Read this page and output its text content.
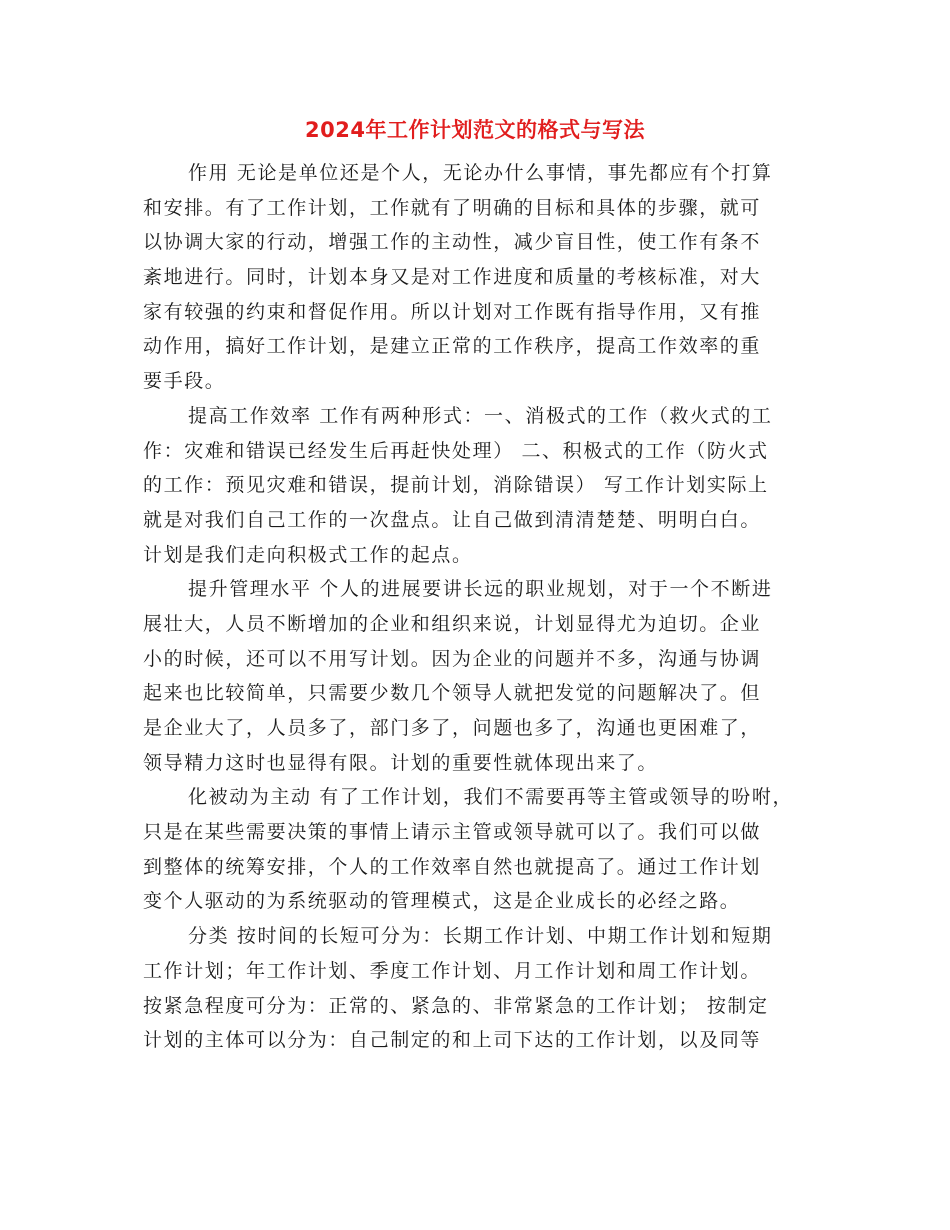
2024年工作计划范文的格式与写法
作用 无论是单位还是个人，无论办什么事情，事先都应有个打算
和安排。有了工作计划，工作就有了明确的目标和具体的步骤，就可
以协调大家的行动，增强工作的主动性，减少盲目性，使工作有条不
紊地进行。同时，计划本身又是对工作进度和质量的考核标准，对大
家有较强的约束和督促作用。所以计划对工作既有指导作用，又有推
动作用，搞好工作计划，是建立正常的工作秩序，提高工作效率的重
要手段。
提高工作效率 工作有两种形式：一、消极式的工作（救火式的工
作：灾难和错误已经发生后再赶快处理） 二、积极式的工作（防火式
的工作：预见灾难和错误，提前计划，消除错误） 写工作计划实际上
就是对我们自己工作的一次盘点。让自己做到清清楚楚、明明白白。
计划是我们走向积极式工作的起点。
提升管理水平 个人的进展要讲长远的职业规划，对于一个不断进
展壮大，人员不断增加的企业和组织来说，计划显得尤为迫切。企业
小的时候，还可以不用写计划。因为企业的问题并不多，沟通与协调
起来也比较简单，只需要少数几个领导人就把发觉的问题解决了。但
是企业大了，人员多了，部门多了，问题也多了，沟通也更困难了，
领导精力这时也显得有限。计划的重要性就体现出来了。
化被动为主动 有了工作计划，我们不需要再等主管或领导的吩咐，
只是在某些需要决策的事情上请示主管或领导就可以了。我们可以做
到整体的统筹安排，个人的工作效率自然也就提高了。通过工作计划
变个人驱动的为系统驱动的管理模式，这是企业成长的必经之路。
分类 按时间的长短可分为：长期工作计划、中期工作计划和短期
工作计划；年工作计划、季度工作计划、月工作计划和周工作计划。
按紧急程度可分为：正常的、紧急的、非常紧急的工作计划； 按制定
计划的主体可以分为：自己制定的和上司下达的工作计划，以及同等
